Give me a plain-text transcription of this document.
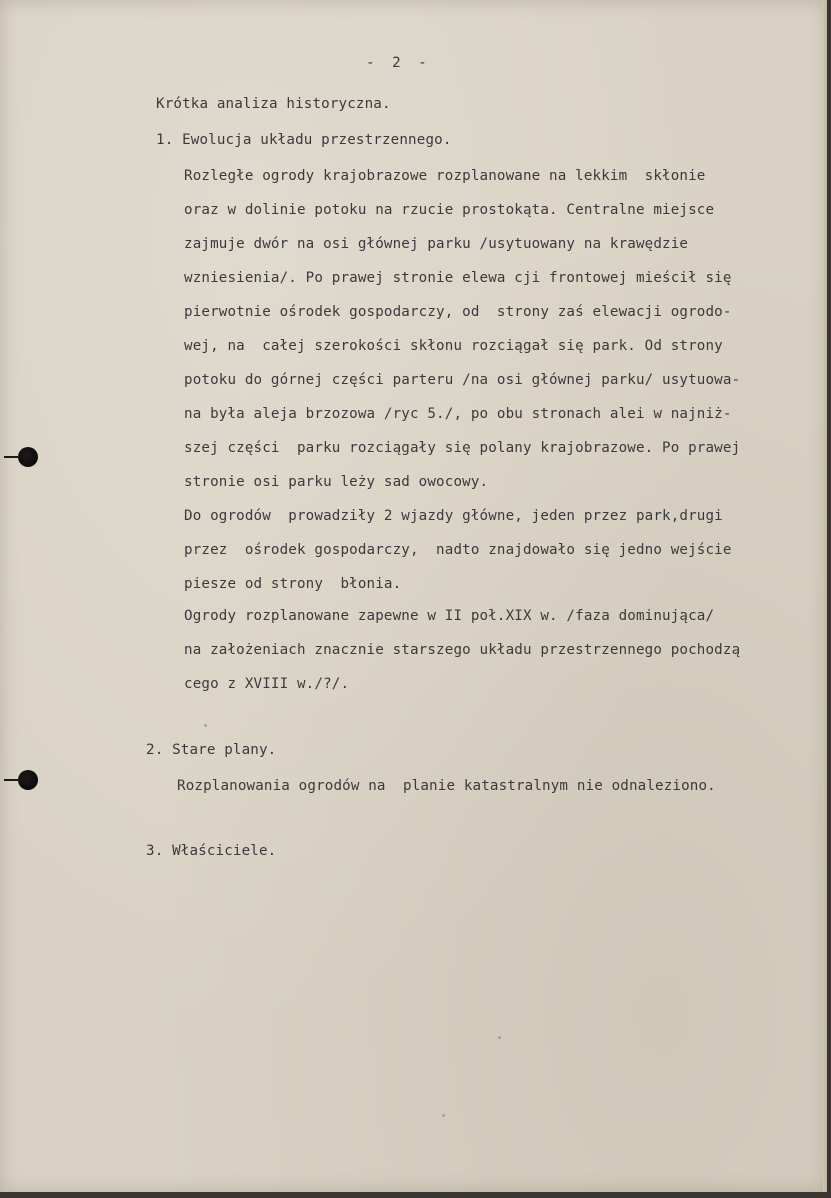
-  2  -
Krótka analiza historyczna.
1. Ewolucja układu przestrzennego.
Rozległe ogrody krajobrazowe rozplanowane na lekkim  skłonie
oraz w dolinie potoku na rzucie prostokąta. Centralne miejsce
zajmuje dwór na osi głównej parku /usytuowany na krawędzie
wzniesienia/. Po prawej stronie elewa cji frontowej mieścił się
pierwotnie ośrodek gospodarczy, od  strony zaś elewacji ogrodo-
wej, na  całej szerokości skłonu rozciągał się park. Od strony
potoku do górnej części parteru /na osi głównej parku/ usytuowa-
na była aleja brzozowa /ryc 5./, po obu stronach alei w najniż-
szej części  parku rozciągały się polany krajobrazowe. Po prawej
stronie osi parku leży sad owocowy.
Do ogrodów  prowadziły 2 wjazdy główne, jeden przez park,drugi
przez  ośrodek gospodarczy,  nadto znajdowało się jedno wejście
piesze od strony  błonia.
Ogrody rozplanowane zapewne w II poł.XIX w. /faza dominująca/
na założeniach znacznie starszego układu przestrzennego pochodzą
cego z XVIII w./?/.
2. Stare plany.
Rozplanowania ogrodów na  planie katastralnym nie odnaleziono.
3. Właściciele.
